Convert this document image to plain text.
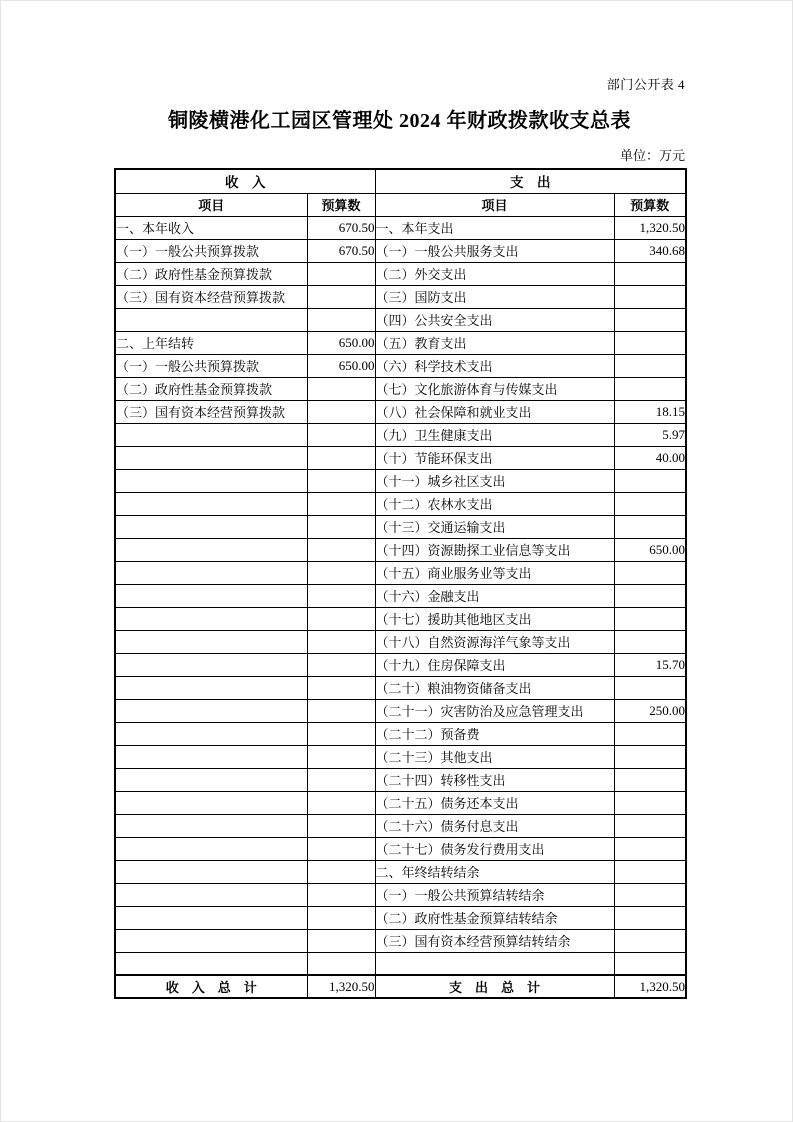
部门公开表 4
铜陵横港化工园区管理处 2024 年财政拨款收支总表
单位：万元
收　入		支　出	
项目	预算数	项目	预算数
一、本年收入	670.50	一、本年支出	1,320.50
（一）一般公共预算拨款	670.50	（一）一般公共服务支出	340.68
（二）政府性基金预算拨款		（二）外交支出	
（三）国有资本经营预算拨款		（三）国防支出	
		（四）公共安全支出	
二、上年结转	650.00	（五）教育支出	
（一）一般公共预算拨款	650.00	（六）科学技术支出	
（二）政府性基金预算拨款		（七）文化旅游体育与传媒支出	
（三）国有资本经营预算拨款		（八）社会保障和就业支出	18.15
		（九）卫生健康支出	5.97
		（十）节能环保支出	40.00
		（十一）城乡社区支出	
		（十二）农林水支出	
		（十三）交通运输支出	
		（十四）资源勘探工业信息等支出	650.00
		（十五）商业服务业等支出	
		（十六）金融支出	
		（十七）援助其他地区支出	
		（十八）自然资源海洋气象等支出	
		（十九）住房保障支出	15.70
		（二十）粮油物资储备支出	
		（二十一）灾害防治及应急管理支出	250.00
		（二十二）预备费	
		（二十三）其他支出	
		（二十四）转移性支出	
		（二十五）债务还本支出	
		（二十六）债务付息支出	
		（二十七）债务发行费用支出	
		二、年终结转结余	
		（一）一般公共预算结转结余	
		（二）政府性基金预算结转结余	
		（三）国有资本经营预算结转结余	

收　入　总　计	1,320.50	支　出　总　计	1,320.50
